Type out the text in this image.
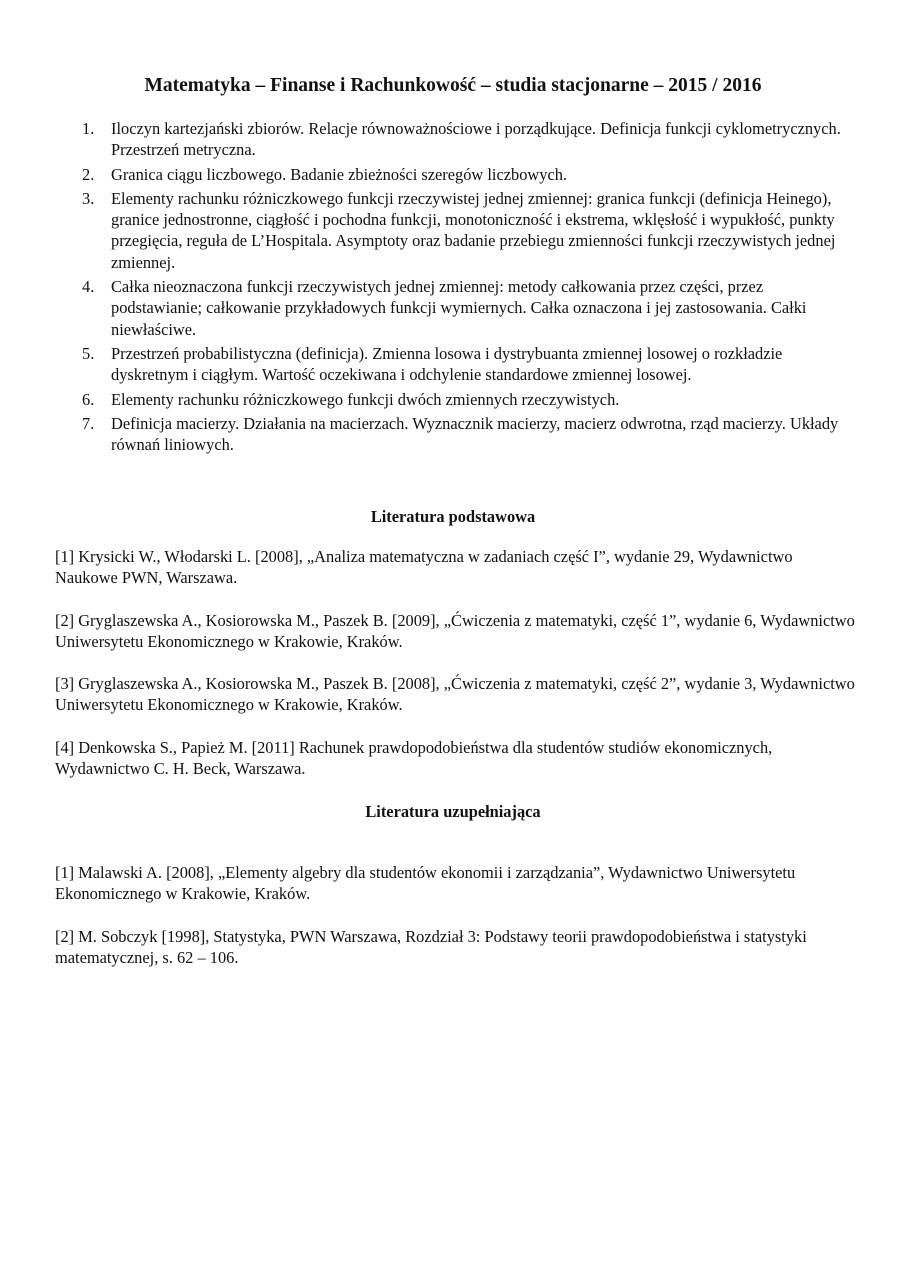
Matematyka – Finanse i Rachunkowość – studia stacjonarne – 2015 / 2016
1. Iloczyn kartezjański zbiorów. Relacje równoważnościowe i porządkujące. Definicja funkcji cyklometrycznych. Przestrzeń metryczna.
2. Granica ciągu liczbowego. Badanie zbieżności szeregów liczbowych.
3. Elementy rachunku różniczkowego funkcji rzeczywistej jednej zmiennej: granica funkcji (definicja Heinego), granice jednostronne, ciągłość i pochodna funkcji, monotoniczność i ekstrema, wklęsłość i wypukłość, punkty przegięcia, reguła de L’Hospitala. Asymptoty oraz badanie przebiegu zmienności funkcji rzeczywistych jednej zmiennej.
4. Całka nieoznaczona funkcji rzeczywistych jednej zmiennej: metody całkowania przez części, przez podstawianie; całkowanie przykładowych funkcji wymiernych. Całka oznaczona i jej zastosowania. Całki niewłaściwe.
5. Przestrzeń probabilistyczna (definicja). Zmienna losowa i dystrybuanta zmiennej losowej o rozkładzie dyskretnym i ciągłym. Wartość oczekiwana i odchylenie standardowe zmiennej losowej.
6. Elementy rachunku różniczkowego funkcji dwóch zmiennych rzeczywistych.
7. Definicja macierzy. Działania na macierzach. Wyznacznik macierzy, macierz odwrotna, rząd macierzy. Układy równań liniowych.
Literatura podstawowa

[1] Krysicki W., Włodarski L. [2008], „Analiza matematyczna w zadaniach część I”, wydanie 29, Wydawnictwo Naukowe PWN, Warszawa.

[2] Gryglaszewska A., Kosiorowska M., Paszek B. [2009], „Ćwiczenia z matematyki, część 1”, wydanie 6, Wydawnictwo Uniwersytetu Ekonomicznego w Krakowie, Kraków.

[3] Gryglaszewska A., Kosiorowska M., Paszek B. [2008], „Ćwiczenia z matematyki, część 2”, wydanie 3, Wydawnictwo Uniwersytetu Ekonomicznego w Krakowie, Kraków.

[4] Denkowska S., Papież M. [2011] Rachunek prawdopodobieństwa dla studentów studiów ekonomicznych, Wydawnictwo C. H. Beck, Warszawa.

Literatura uzupełniająca

[1] Malawski A. [2008], „Elementy algebry dla studentów ekonomii i zarządzania”, Wydawnictwo Uniwersytetu Ekonomicznego w Krakowie, Kraków.

[2] M. Sobczyk [1998], Statystyka, PWN Warszawa, Rozdział 3: Podstawy teorii prawdopodobieństwa i statystyki matematycznej, s. 62 – 106.
